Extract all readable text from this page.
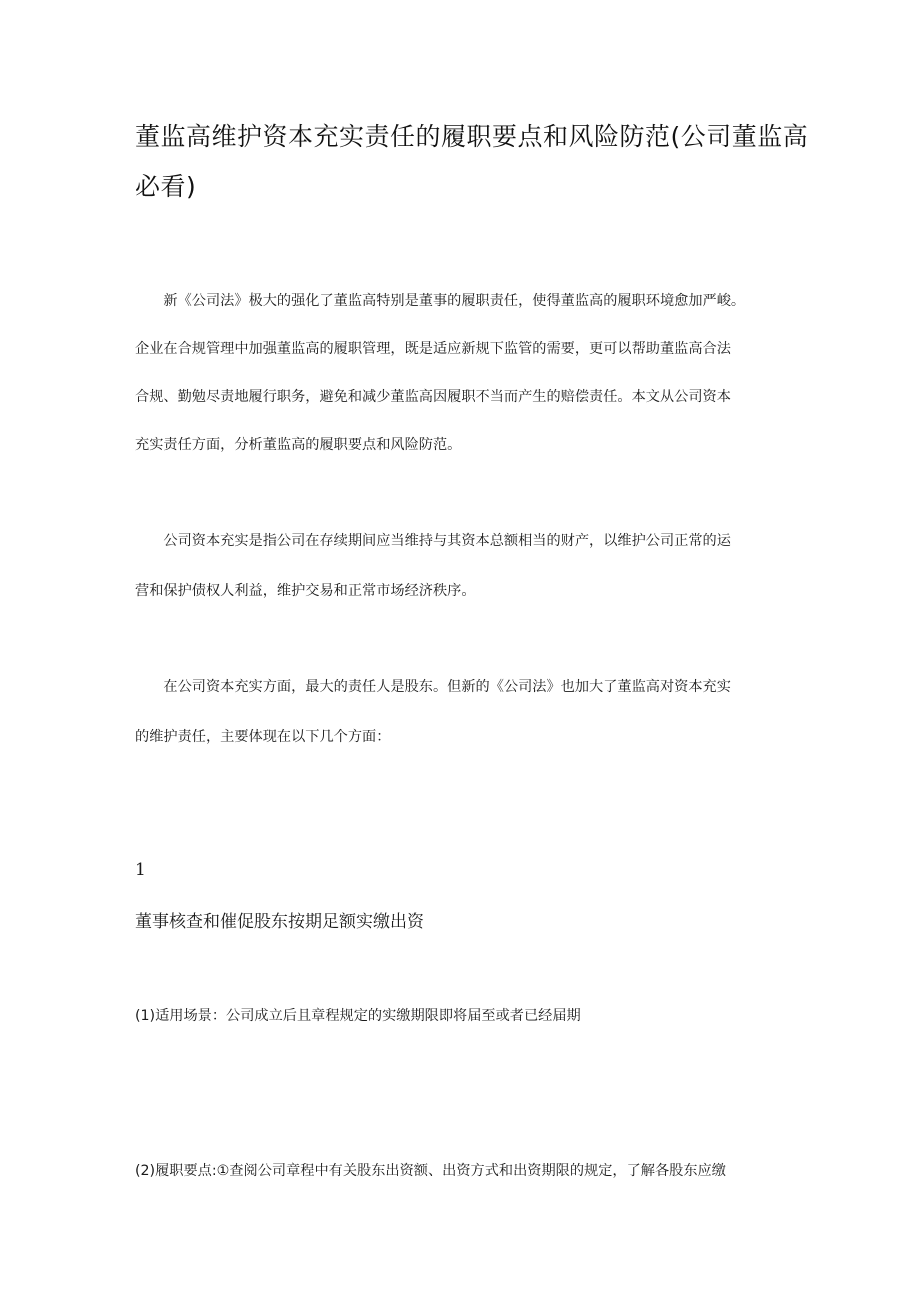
董监高维护资本充实责任的履职要点和风险防范(公司董监高
必看)

　　新《公司法》极大的强化了董监高特别是董事的履职责任，使得董监高的履职环境愈加严峻。
企业在合规管理中加强董监高的履职管理，既是适应新规下监管的需要，更可以帮助董监高合法
合规、勤勉尽责地履行职务，避免和减少董监高因履职不当而产生的赔偿责任。本文从公司资本
充实责任方面，分析董监高的履职要点和风险防范。

　　公司资本充实是指公司在存续期间应当维持与其资本总额相当的财产，以维护公司正常的运
营和保护债权人利益，维护交易和正常市场经济秩序。

　　在公司资本充实方面，最大的责任人是股东。但新的《公司法》也加大了董监高对资本充实
的维护责任，主要体现在以下几个方面：

1

董事核查和催促股东按期足额实缴出资

(1)适用场景：公司成立后且章程规定的实缴期限即将届至或者已经届期

(2)履职要点:①查阅公司章程中有关股东出资额、出资方式和出资期限的规定，了解各股东应缴
